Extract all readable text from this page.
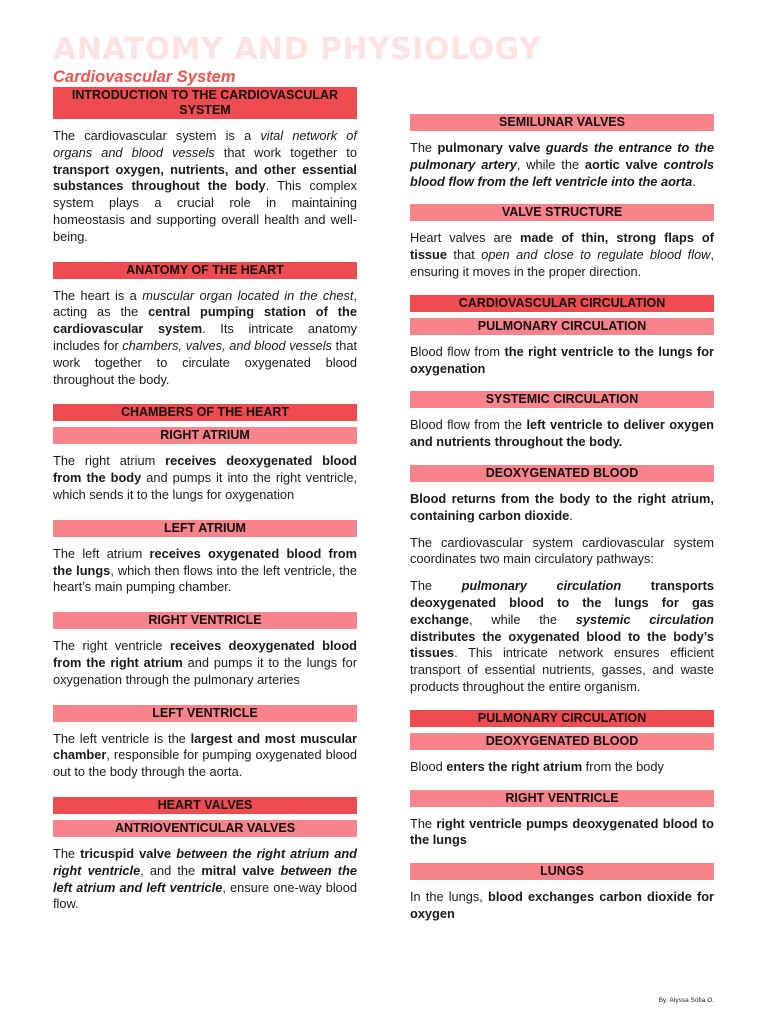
ANATOMY AND PHYSIOLOGY
Cardiovascular System
INTRODUCTION TO THE CARDIOVASCULAR SYSTEM

The cardiovascular system is a vital network of organs and blood vessels that work together to transport oxygen, nutrients, and other essential substances throughout the body. This complex system plays a crucial role in maintaining homeostasis and supporting overall health and well-being.

ANATOMY OF THE HEART

The heart is a muscular organ located in the chest, acting as the central pumping station of the cardiovascular system. Its intricate anatomy includes for chambers, valves, and blood vessels that work together to circulate oxygenated blood throughout the body.

CHAMBERS OF THE HEART
RIGHT ATRIUM

The right atrium receives deoxygenated blood from the body and pumps it into the right ventricle, which sends it to the lungs for oxygenation

LEFT ATRIUM

The left atrium receives oxygenated blood from the lungs, which then flows into the left ventricle, the heart’s main pumping chamber.

RIGHT VENTRICLE

The right ventricle receives deoxygenated blood from the right atrium and pumps it to the lungs for oxygenation through the pulmonary arteries

LEFT VENTRICLE

The left ventricle is the largest and most muscular chamber, responsible for pumping oxygenated blood out to the body through the aorta.

HEART VALVES
ANTRIOVENTICULAR VALVES

The tricuspid valve between the right atrium and right ventricle, and the mitral valve between the left atrium and left ventricle, ensure one-way blood flow.

SEMILUNAR VALVES

The pulmonary valve guards the entrance to the pulmonary artery, while the aortic valve controls blood flow from the left ventricle into the aorta.

VALVE STRUCTURE

Heart valves are made of thin, strong flaps of tissue that open and close to regulate blood flow, ensuring it moves in the proper direction.

CARDIOVASCULAR CIRCULATION
PULMONARY CIRCULATION

Blood flow from the right ventricle to the lungs for oxygenation

SYSTEMIC CIRCULATION

Blood flow from the left ventricle to deliver oxygen and nutrients throughout the body.

DEOXYGENATED BLOOD

Blood returns from the body to the right atrium, containing carbon dioxide.

The cardiovascular system cardiovascular system coordinates two main circulatory pathways:

The pulmonary circulation transports deoxygenated blood to the lungs for gas exchange, while the systemic circulation distributes the oxygenated blood to the body’s tissues. This intricate network ensures efficient transport of essential nutrients, gasses, and waste products throughout the entire organism.

PULMONARY CIRCULATION
DEOXYGENATED BLOOD

Blood enters the right atrium from the body

RIGHT VENTRICLE

The right ventricle pumps deoxygenated blood to the lungs

LUNGS

In the lungs, blood exchanges carbon dioxide for oxygen

By: Alyssa Sofia O.
